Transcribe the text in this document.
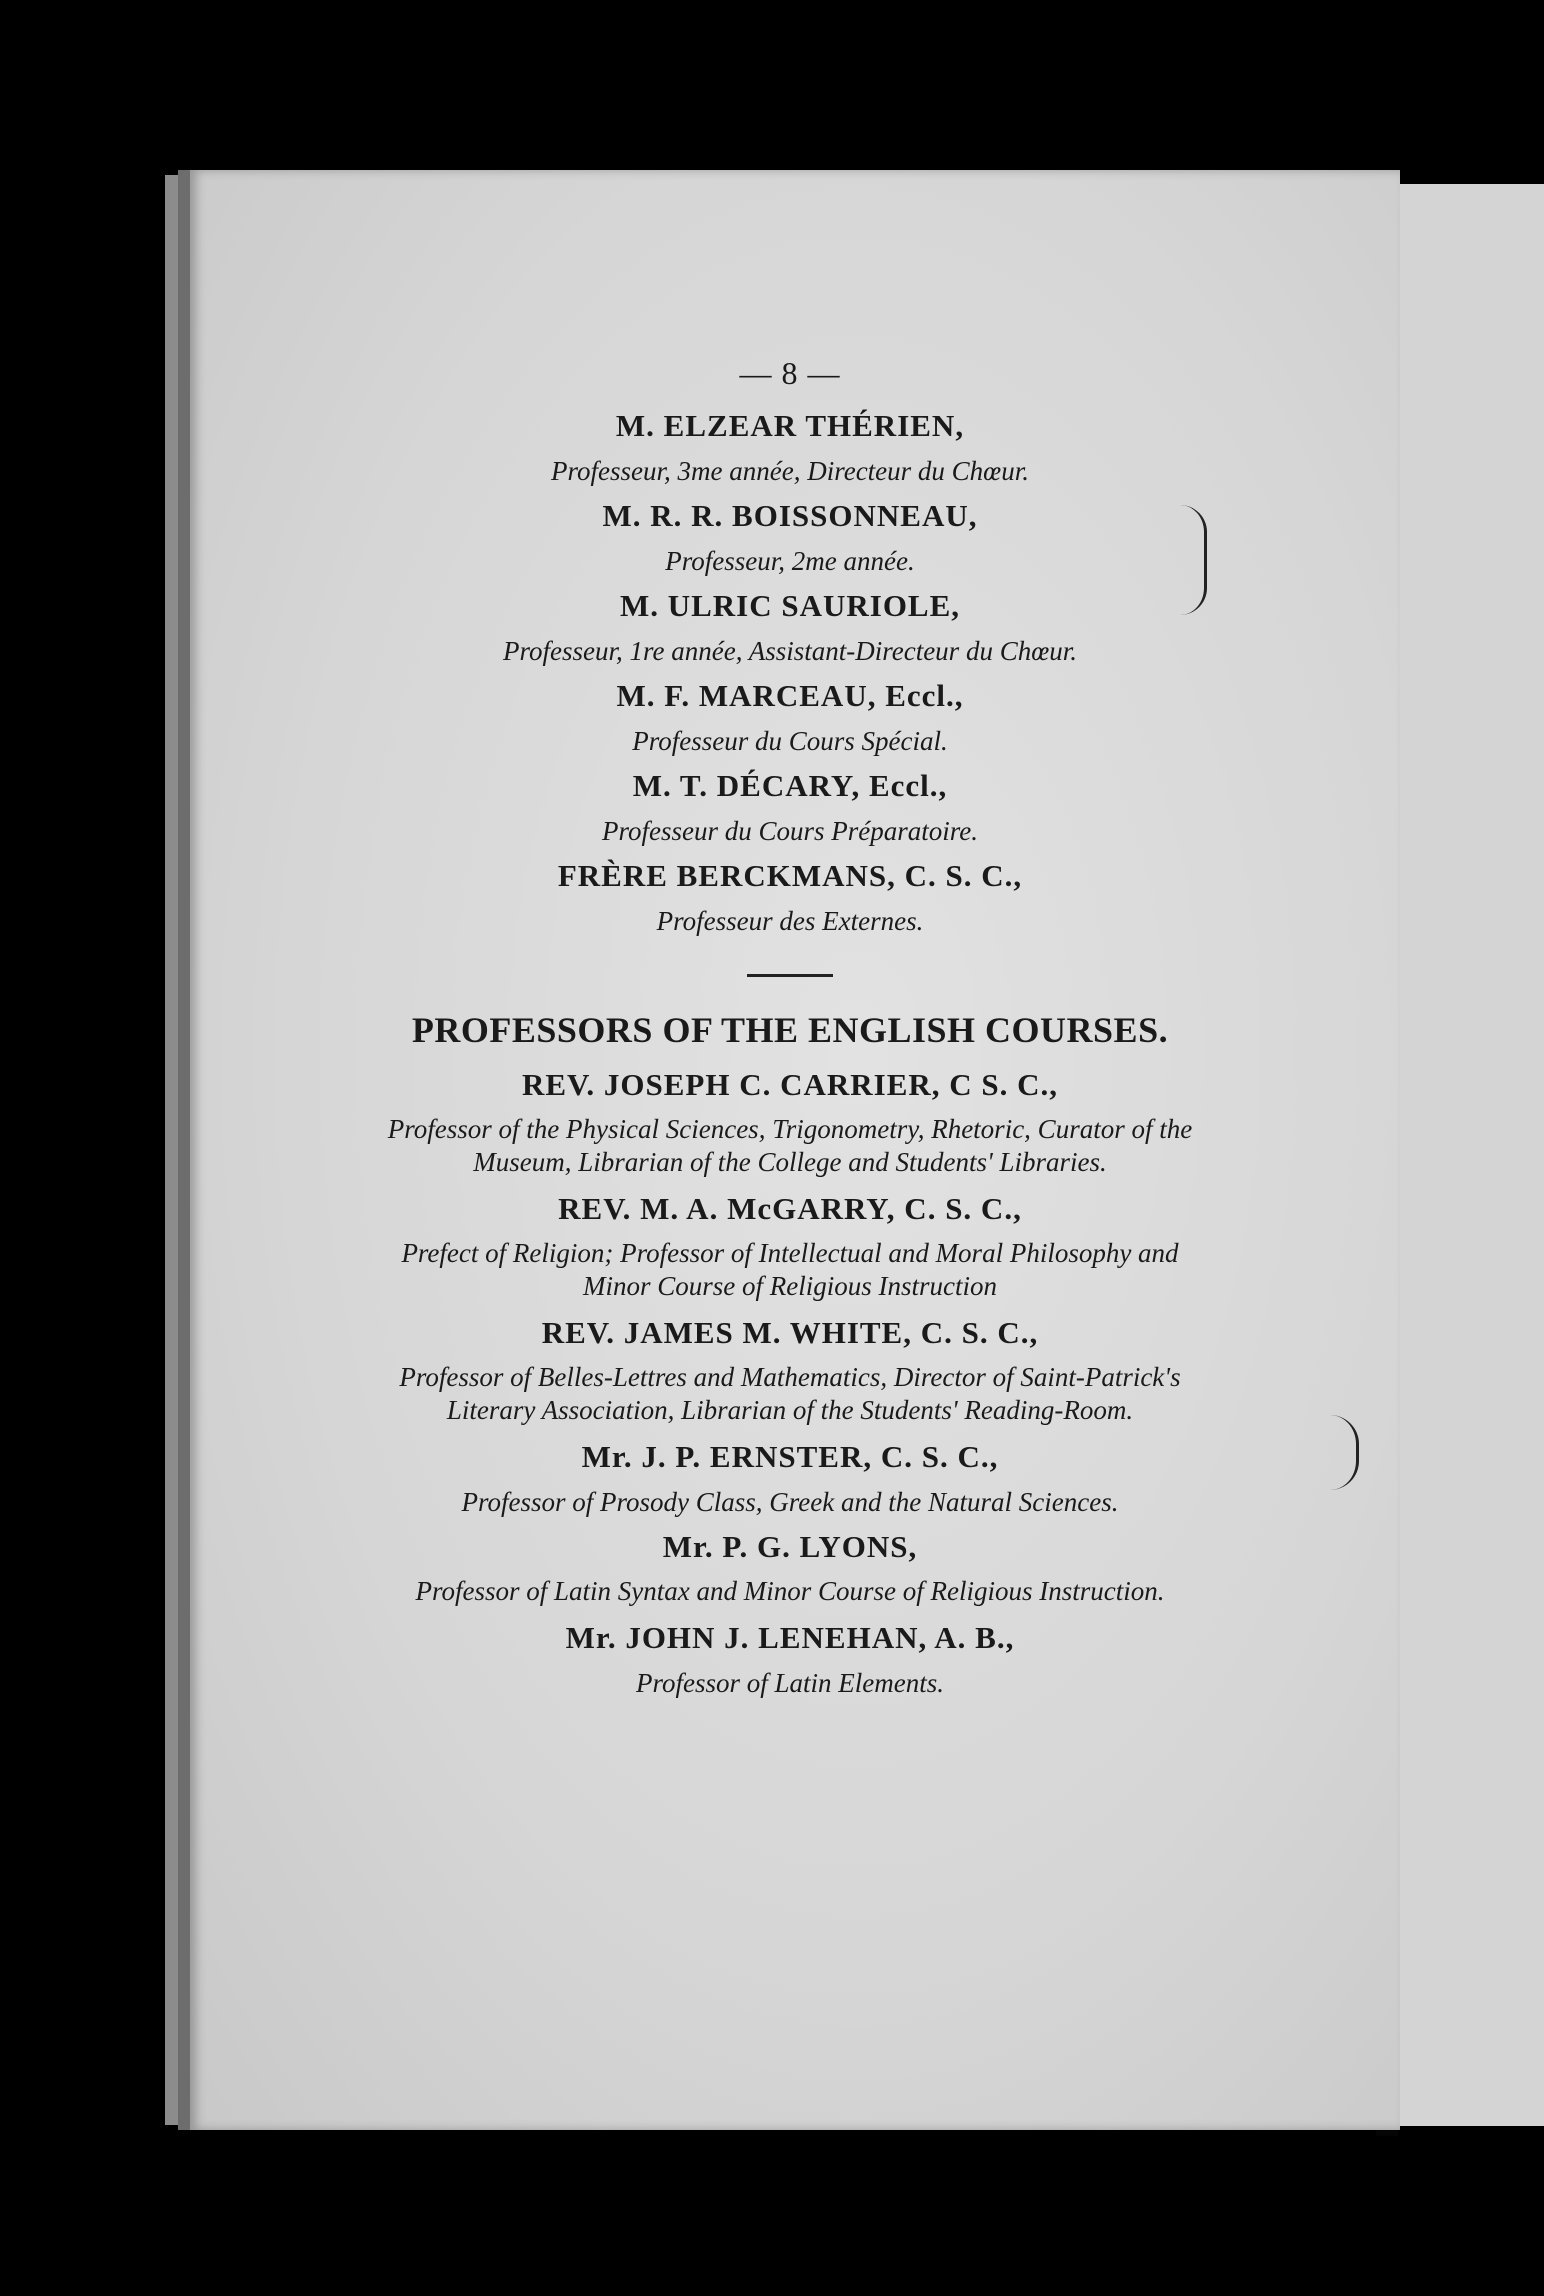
— 8 —

M. ELZEAR THÉRIEN,

Professeur, 3me année, Directeur du Chœur.

M. R. R. BOISSONNEAU,

Professeur, 2me année.

M. ULRIC SAURIOLE,

Professeur, 1re année, Assistant-Directeur du Chœur.

M. F. MARCEAU, Eccl.,

Professeur du Cours Spécial.

M. T. DÉCARY, Eccl.,

Professeur du Cours Préparatoire.

FRÈRE BERCKMANS, C. S. C.,

Professeur des Externes.

PROFESSORS OF THE ENGLISH COURSES.

REV. JOSEPH C. CARRIER, C S. C.,

Professor of the Physical Sciences, Trigonometry, Rhetoric, Curator of the Museum, Librarian of the College and Students' Libraries.

REV. M. A. McGARRY, C. S. C.,

Prefect of Religion; Professor of Intellectual and Moral Philosophy and Minor Course of Religious Instruction

REV. JAMES M. WHITE, C. S. C.,

Professor of Belles-Lettres and Mathematics, Director of Saint-Patrick's Literary Association, Librarian of the Students' Reading-Room.

Mr. J. P. ERNSTER, C. S. C.,

Professor of Prosody Class, Greek and the Natural Sciences.

Mr. P. G. LYONS,

Professor of Latin Syntax and Minor Course of Religious Instruction.

Mr. JOHN J. LENEHAN, A. B.,

Professor of Latin Elements.
